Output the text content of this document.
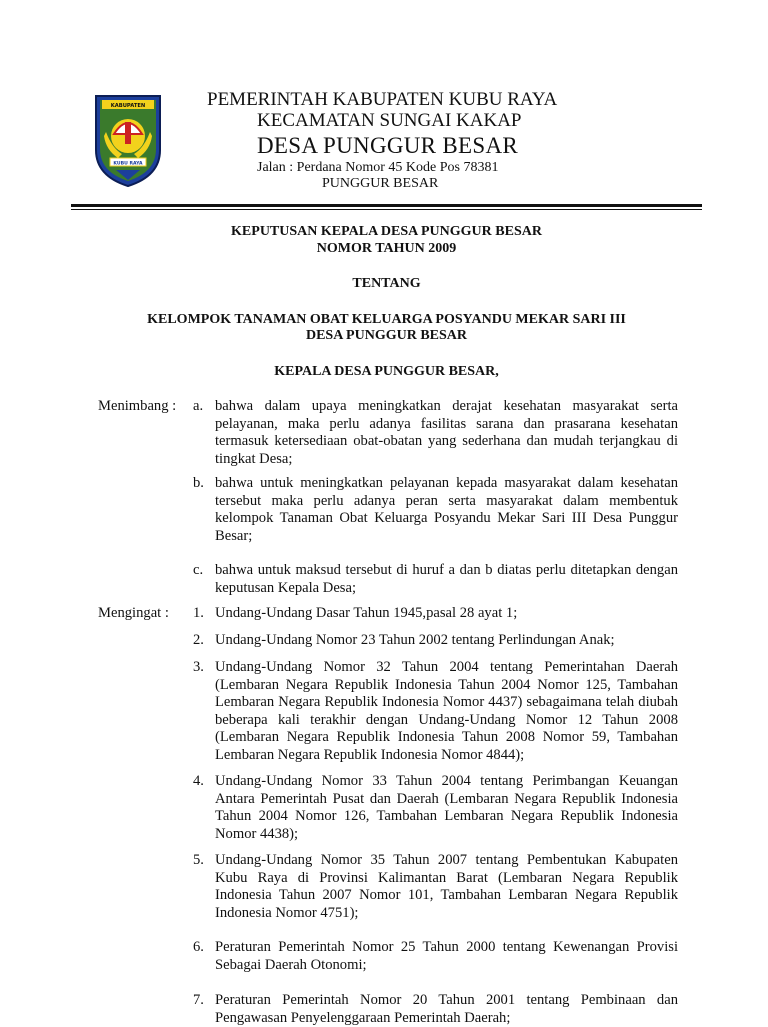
KABUPATEN
KUBU RAYA
PEMERINTAH KABUPATEN KUBU RAYA
KECAMATAN SUNGAI KAKAP
DESA PUNGGUR BESAR
Jalan : Perdana Nomor 45 Kode Pos 78381
PUNGGUR BESAR
KEPUTUSAN KEPALA DESA PUNGGUR BESAR
NOMOR TAHUN 2009
TENTANG
KELOMPOK TANAMAN OBAT KELUARGA POSYANDU MEKAR SARI III
DESA PUNGGUR BESAR
KEPALA DESA PUNGGUR BESAR,
Menimbang : a. bahwa dalam upaya meningkatkan derajat kesehatan masyarakat serta pelayanan, maka perlu adanya fasilitas sarana dan prasarana kesehatan termasuk ketersediaan obat-obatan yang sederhana dan mudah terjangkau di tingkat Desa;
b. bahwa untuk meningkatkan pelayanan kepada masyarakat dalam kesehatan tersebut maka perlu adanya peran serta masyarakat dalam membentuk kelompok Tanaman Obat Keluarga Posyandu Mekar Sari III Desa Punggur Besar;
c. bahwa untuk maksud tersebut di huruf a dan b diatas perlu ditetapkan dengan keputusan Kepala Desa;
Mengingat : 1. Undang-Undang Dasar Tahun 1945,pasal 28 ayat 1;
2. Undang-Undang Nomor 23 Tahun 2002 tentang Perlindungan Anak;
3. Undang-Undang Nomor 32 Tahun 2004 tentang Pemerintahan Daerah (Lembaran Negara Republik Indonesia Tahun 2004 Nomor 125, Tambahan Lembaran Negara Republik Indonesia Nomor 4437) sebagaimana telah diubah beberapa kali terakhir dengan Undang-Undang Nomor 12 Tahun 2008 (Lembaran Negara Republik Indonesia Tahun 2008 Nomor 59, Tambahan Lembaran Negara Republik Indonesia Nomor 4844);
4. Undang-Undang Nomor 33 Tahun 2004 tentang Perimbangan Keuangan Antara Pemerintah Pusat dan Daerah (Lembaran Negara Republik Indonesia Tahun 2004 Nomor 126, Tambahan Lembaran Negara Republik Indonesia Nomor 4438);
5. Undang-Undang Nomor 35 Tahun 2007 tentang Pembentukan Kabupaten Kubu Raya di Provinsi Kalimantan Barat (Lembaran Negara Republik Indonesia Tahun 2007 Nomor 101, Tambahan Lembaran Negara Republik Indonesia Nomor 4751);
6. Peraturan Pemerintah Nomor 25 Tahun 2000 tentang Kewenangan Provisi Sebagai Daerah Otonomi;
7. Peraturan Pemerintah Nomor 20 Tahun 2001 tentang Pembinaan dan Pengawasan Penyelenggaraan Pemerintah Daerah;
